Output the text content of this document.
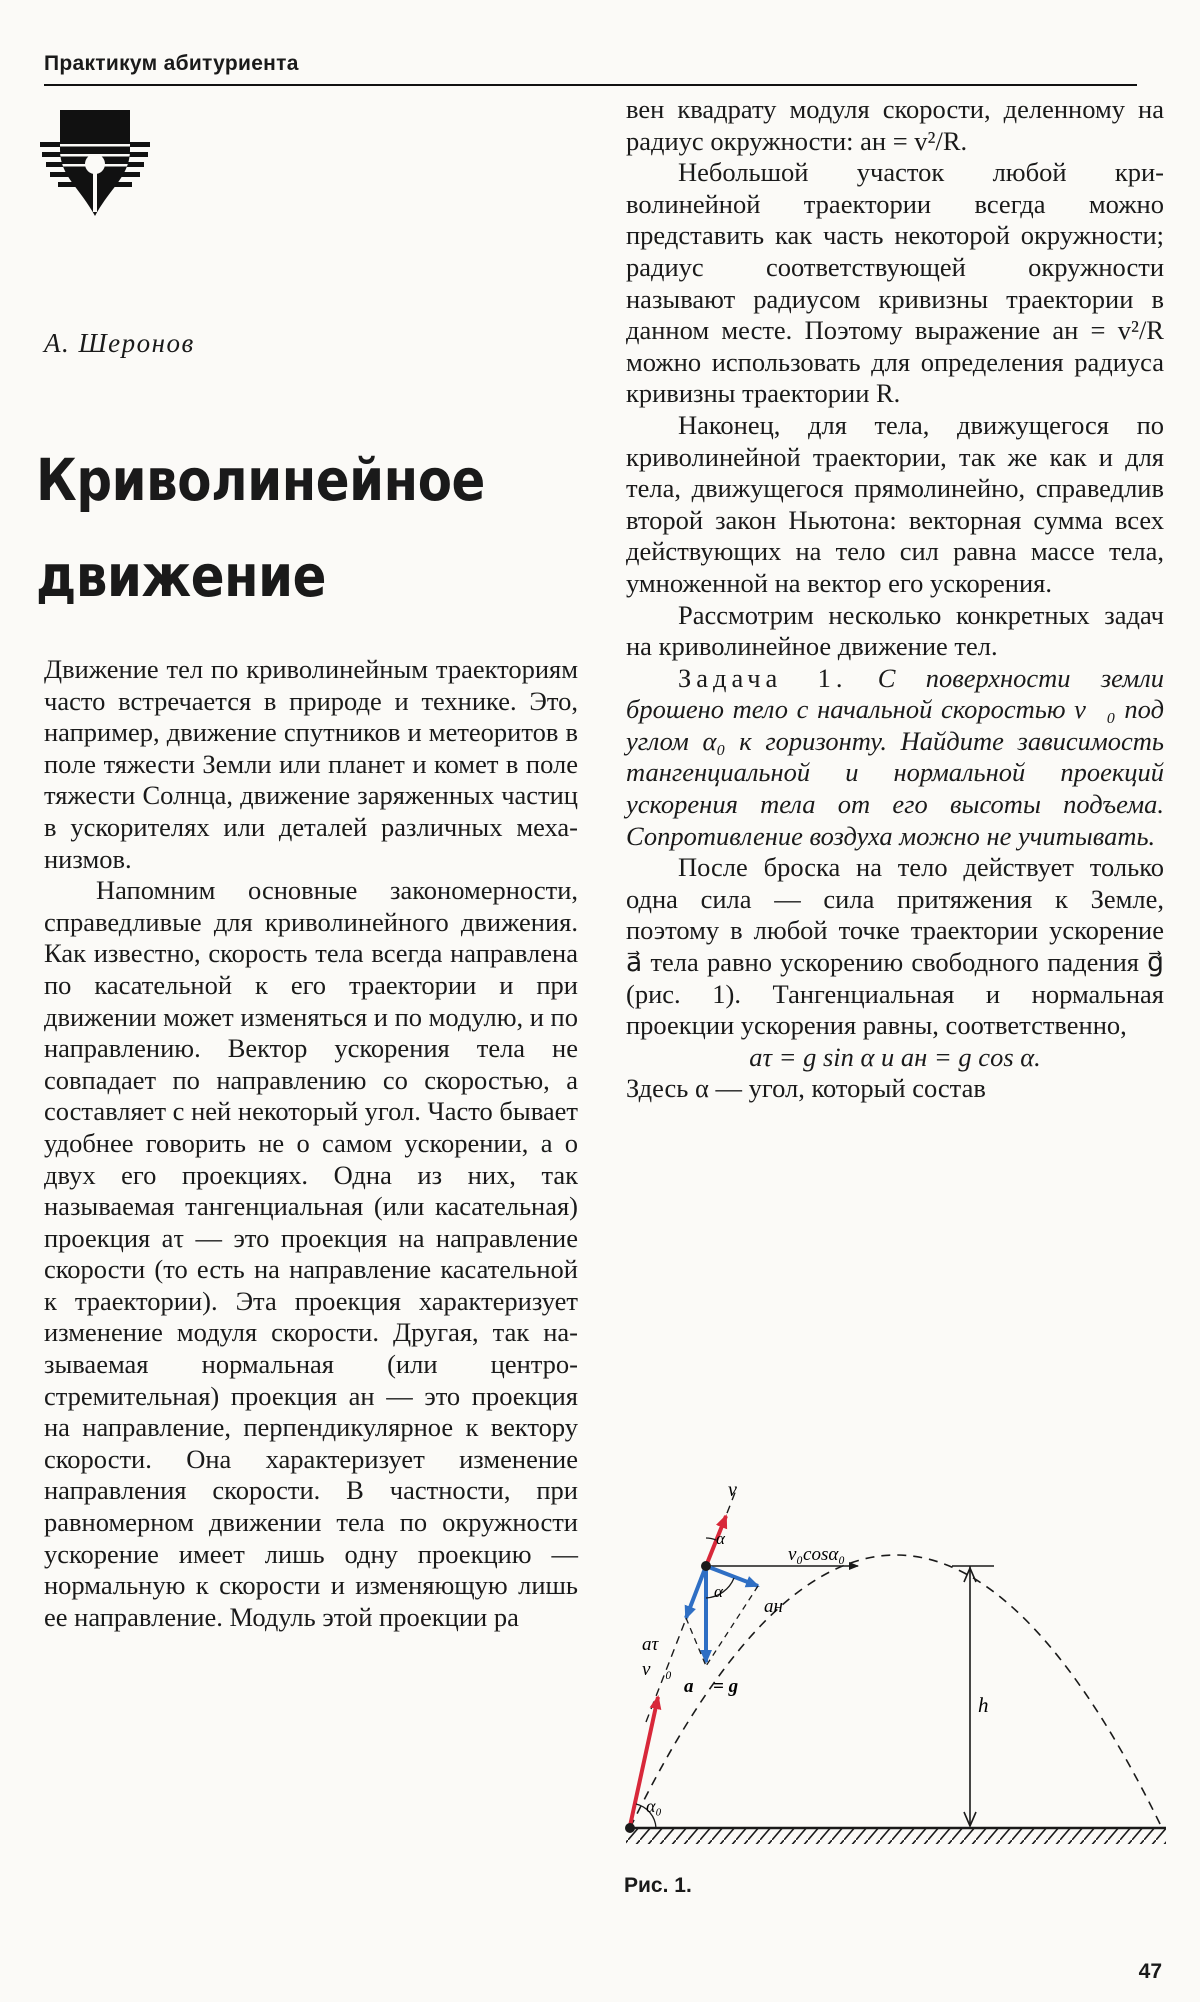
Практикум абитуриента
А. Шеронов
Криволинейное
движение

Движение тел по криволинейным траекториям часто встречается в природе и технике. Это, например, движение спутников и метеоритов в поле тяжести Земли или планет и комет в поле тяжести Солнца, движение заряженных частиц в ускорителях или деталей различных механизмов.

Напомним основные закономерности, справедливые для криволинейного движения. Как известно, скорость тела всегда направлена по касательной к его траектории и при движении может изменяться и по модулю, и по направлению. Вектор ускорения тела не совпадает по направлению со скоростью, а составляет с ней некоторый угол. Часто бывает удобнее говорить не о самом ускорении, а о двух его проекциях. Одна из них, так называемая тангенциальная (или касательная) проекция aτ — это проекция на направление скорости (то есть на направление касательной к траектории). Эта проекция характеризует изменение модуля скорости. Другая, так называемая нормальная (или центростремительная) проекция aн — это проекция на направление, перпендикулярное к вектору скорости. Она характеризует изменение направления скорости. В частности, при равномерном движении тела по окружности ускорение имеет лишь одну проекцию — нормальную к скорости и изменяющую лишь ее направление. Модуль этой проекции ра

вен квадрату модуля скорости, деленному на радиус окружности: aн = v²/R.

Небольшой участок любой криволинейной траектории всегда можно представить как часть некоторой окружности; радиус соответствующей окружности называют радиусом кривизны траектории в данном месте. Поэтому выражение aн = v²/R можно использовать для определения радиуса кривизны траектории R.

Наконец, для тела, движущегося по криволинейной траектории, так же как и для тела, движущегося прямолинейно, справедлив второй закон Ньютона: векторная сумма всех действующих на тело сил равна массе тела, умноженной на вектор его ускорения.

Рассмотрим несколько конкретных задач на криволинейное движение тел.

Задача 1. С поверхности земли брошено тело с начальной скоростью v⃗₀ под углом α₀ к горизонту. Найдите зависимость тангенциальной и нормальной проекций ускорения тела от его высоты подъема. Сопротивление воздуха можно не учитывать.

После броска на тело действует только одна сила — сила притяжения к Земле, поэтому в любой точке траектории ускорение a⃗ тела равно ускорению свободного падения g⃗ (рис. 1). Тангенциальная и нормальная проекции ускорения равны, соответственно,

aτ = g sin α и aн = g cos α.

Здесь α — угол, который состав

v⃗
α
v₀cosα₀
α
aн
aτ
v⃗₀
a⃗ = g⃗
h
α₀
Рис. 1.
47
